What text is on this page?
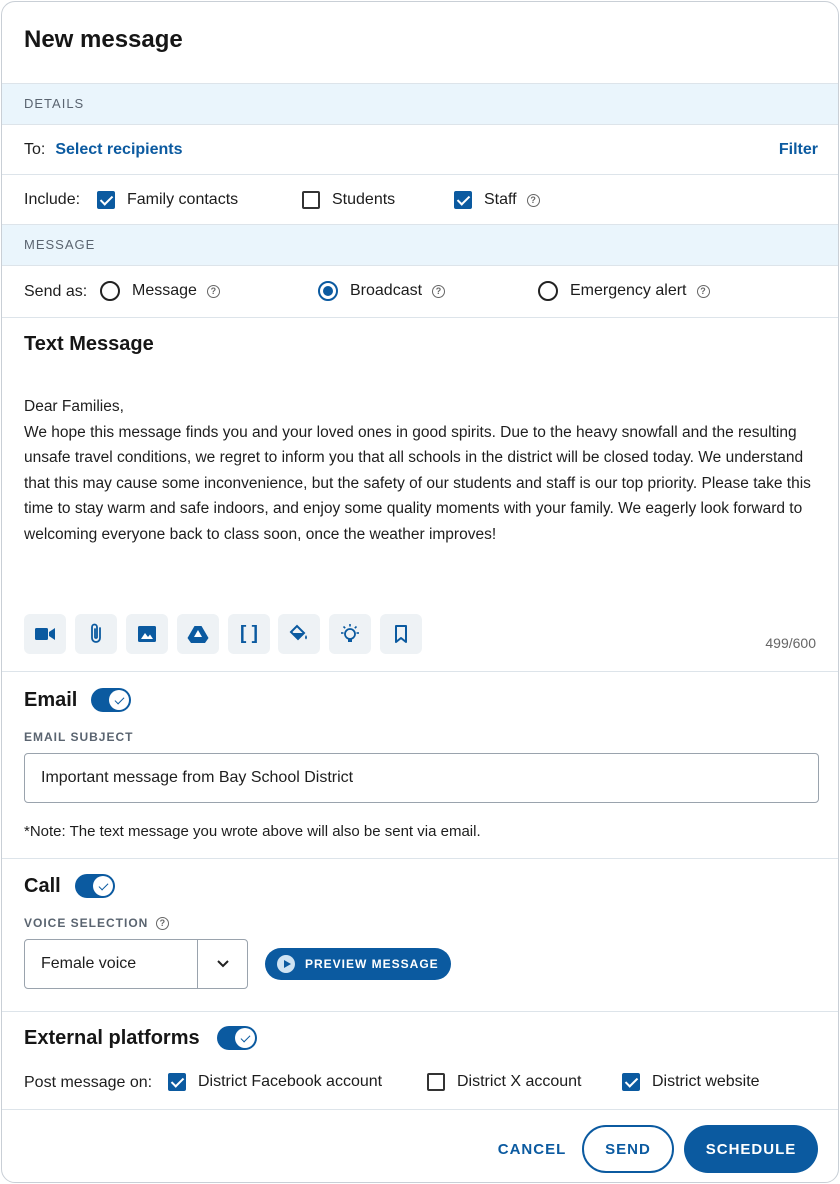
New message
DETAILS
To: Select recipients	Filter
Include:	Family contacts	Students	Staff	?
MESSAGE
Send as:	Message	?	Broadcast	?	Emergency alert	?
Text Message
Dear Families,
We hope this message finds you and your loved ones in good spirits. Due to the heavy snowfall and the resulting unsafe travel conditions, we regret to inform you that all schools in the district will be closed today. We understand that this may cause some inconvenience, but the safety of our students and staff is our top priority. Please take this time to stay warm and safe indoors, and enjoy some quality moments with your family. We eagerly look forward to welcoming everyone back to class soon, once the weather improves!
[ ]	499/600
Email
EMAIL SUBJECT
Important message from Bay School District
*Note: The text message you wrote above will also be sent via email.
Call
VOICE SELECTION	?
Female voice	PREVIEW MESSAGE
External platforms
Post message on:	District Facebook account	District X account	District website
CANCEL	SEND	SCHEDULE
